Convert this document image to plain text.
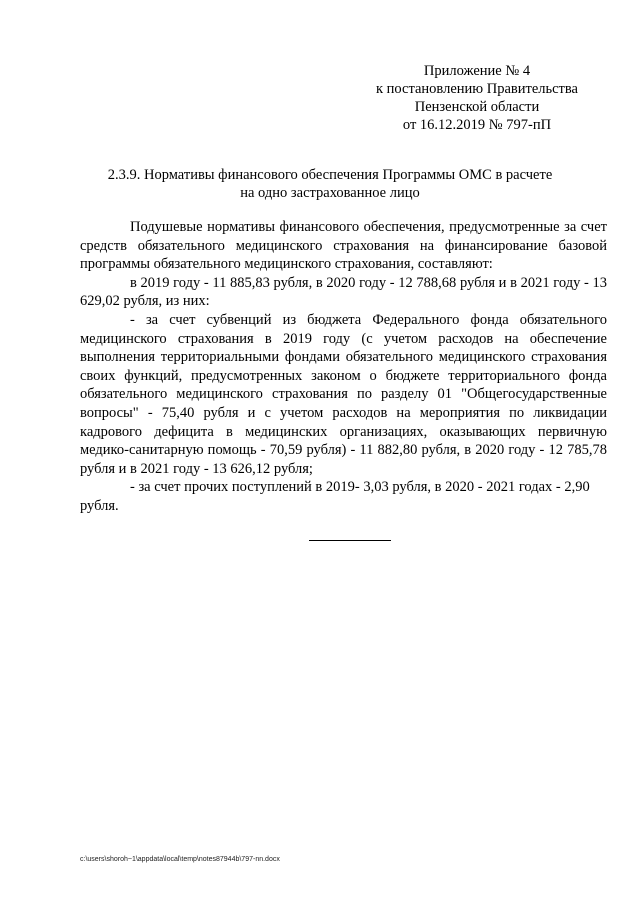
Приложение № 4
к постановлению Правительства
Пензенской области
от 16.12.2019 № 797-пП
2.3.9. Нормативы финансового обеспечения Программы ОМС в расчете
на одно застрахованное лицо

Подушевые нормативы финансового обеспечения, предусмотренные за счет средств обязательного медицинского страхования на финансирование базовой программы обязательного медицинского страхования, составляют:

в 2019 году - 11 885,83 рубля, в 2020 году - 12 788,68 рубля и в 2021 году - 13 629,02 рубля, из них:

- за счет субвенций из бюджета Федерального фонда обязательного медицинского страхования в 2019 году (с учетом расходов на обеспечение выполнения территориальными фондами обязательного медицинского страхования своих функций, предусмотренных законом о бюджете территориального фонда обязательного медицинского страхования по разделу 01 "Общегосударственные вопросы" - 75,40 рубля и с учетом расходов на мероприятия по ликвидации кадрового дефицита в медицинских организациях, оказывающих первичную медико-санитарную помощь - 70,59 рубля) - 11 882,80 рубля, в 2020 году - 12 785,78 рубля и в 2021 году - 13 626,12 рубля;

- за счет прочих поступлений в 2019- 3,03 рубля, в 2020 - 2021 годах - 2,90 рубля.

c:\users\shoroh~1\appdata\local\temp\notes87944b\797-nn.docx
